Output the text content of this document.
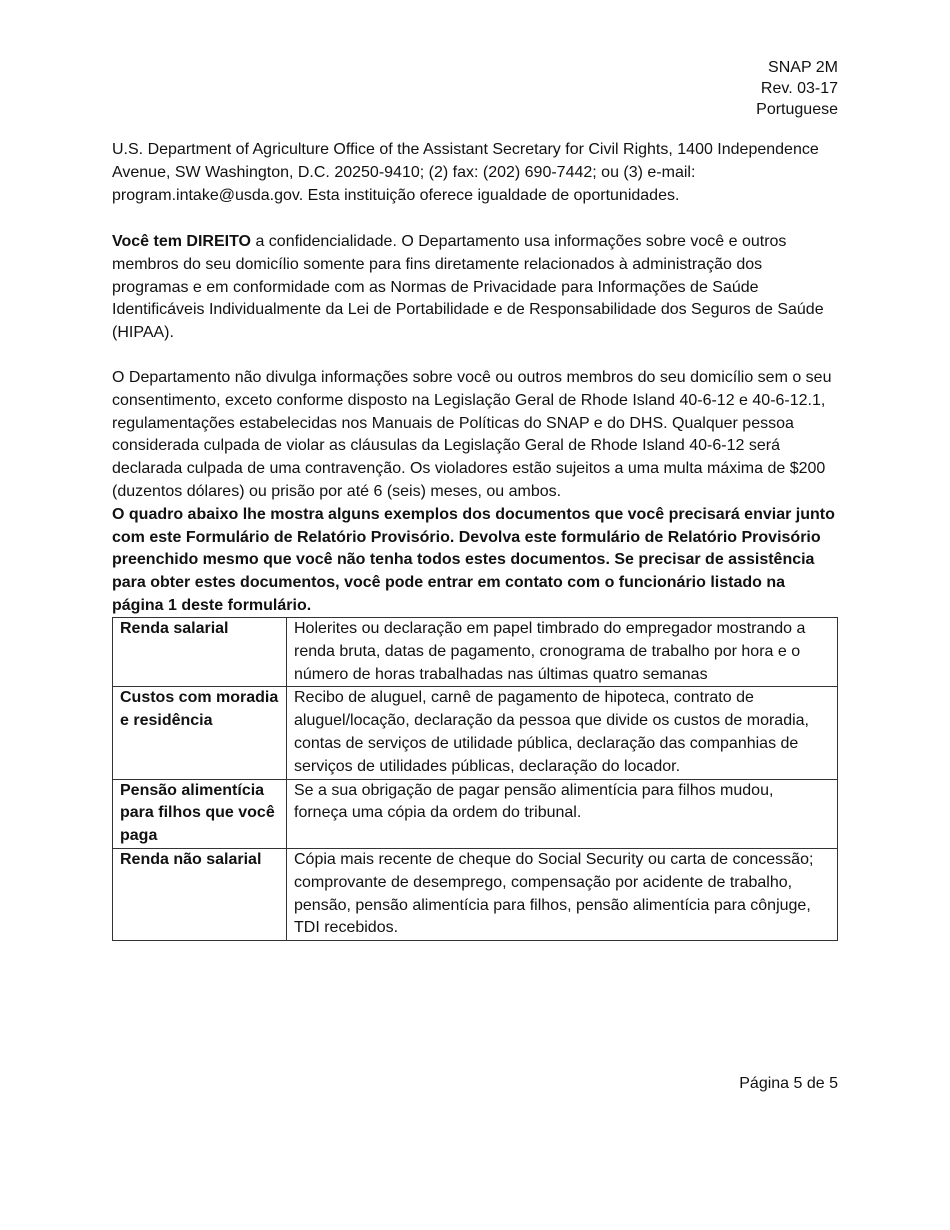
SNAP 2M
Rev. 03-17
Portuguese

U.S. Department of Agriculture Office of the Assistant Secretary for Civil Rights, 1400 Independence Avenue, SW Washington, D.C. 20250-9410; (2) fax: (202) 690-7442; ou (3) e-mail: program.intake@usda.gov. Esta instituição oferece igualdade de oportunidades.

Você tem DIREITO a confidencialidade. O Departamento usa informações sobre você e outros membros do seu domicílio somente para fins diretamente relacionados à administração dos programas e em conformidade com as Normas de Privacidade para Informações de Saúde Identificáveis Individualmente da Lei de Portabilidade e de Responsabilidade dos Seguros de Saúde (HIPAA).

O Departamento não divulga informações sobre você ou outros membros do seu domicílio sem o seu consentimento, exceto conforme disposto na Legislação Geral de Rhode Island 40-6-12 e 40-6-12.1, regulamentações estabelecidas nos Manuais de Políticas do SNAP e do DHS. Qualquer pessoa considerada culpada de violar as cláusulas da Legislação Geral de Rhode Island 40-6-12 será declarada culpada de uma contravenção. Os violadores estão sujeitos a uma multa máxima de $200 (duzentos dólares) ou prisão por até 6 (seis) meses, ou ambos.

O quadro abaixo lhe mostra alguns exemplos dos documentos que você precisará enviar junto com este Formulário de Relatório Provisório. Devolva este formulário de Relatório Provisório preenchido mesmo que você não tenha todos estes documentos. Se precisar de assistência para obter estes documentos, você pode entrar em contato com o funcionário listado na página 1 deste formulário.

Renda salarial	Holerites ou declaração em papel timbrado do empregador mostrando a renda bruta, datas de pagamento, cronograma de trabalho por hora e o número de horas trabalhadas nas últimas quatro semanas
Custos com moradia e residência	Recibo de aluguel, carnê de pagamento de hipoteca, contrato de aluguel/locação, declaração da pessoa que divide os custos de moradia, contas de serviços de utilidade pública, declaração das companhias de serviços de utilidades públicas, declaração do locador.
Pensão alimentícia para filhos que você paga	Se a sua obrigação de pagar pensão alimentícia para filhos mudou, forneça uma cópia da ordem do tribunal.
Renda não salarial	Cópia mais recente de cheque do Social Security ou carta de concessão; comprovante de desemprego, compensação por acidente de trabalho, pensão, pensão alimentícia para filhos, pensão alimentícia para cônjuge, TDI recebidos.
Página 5 de 5
